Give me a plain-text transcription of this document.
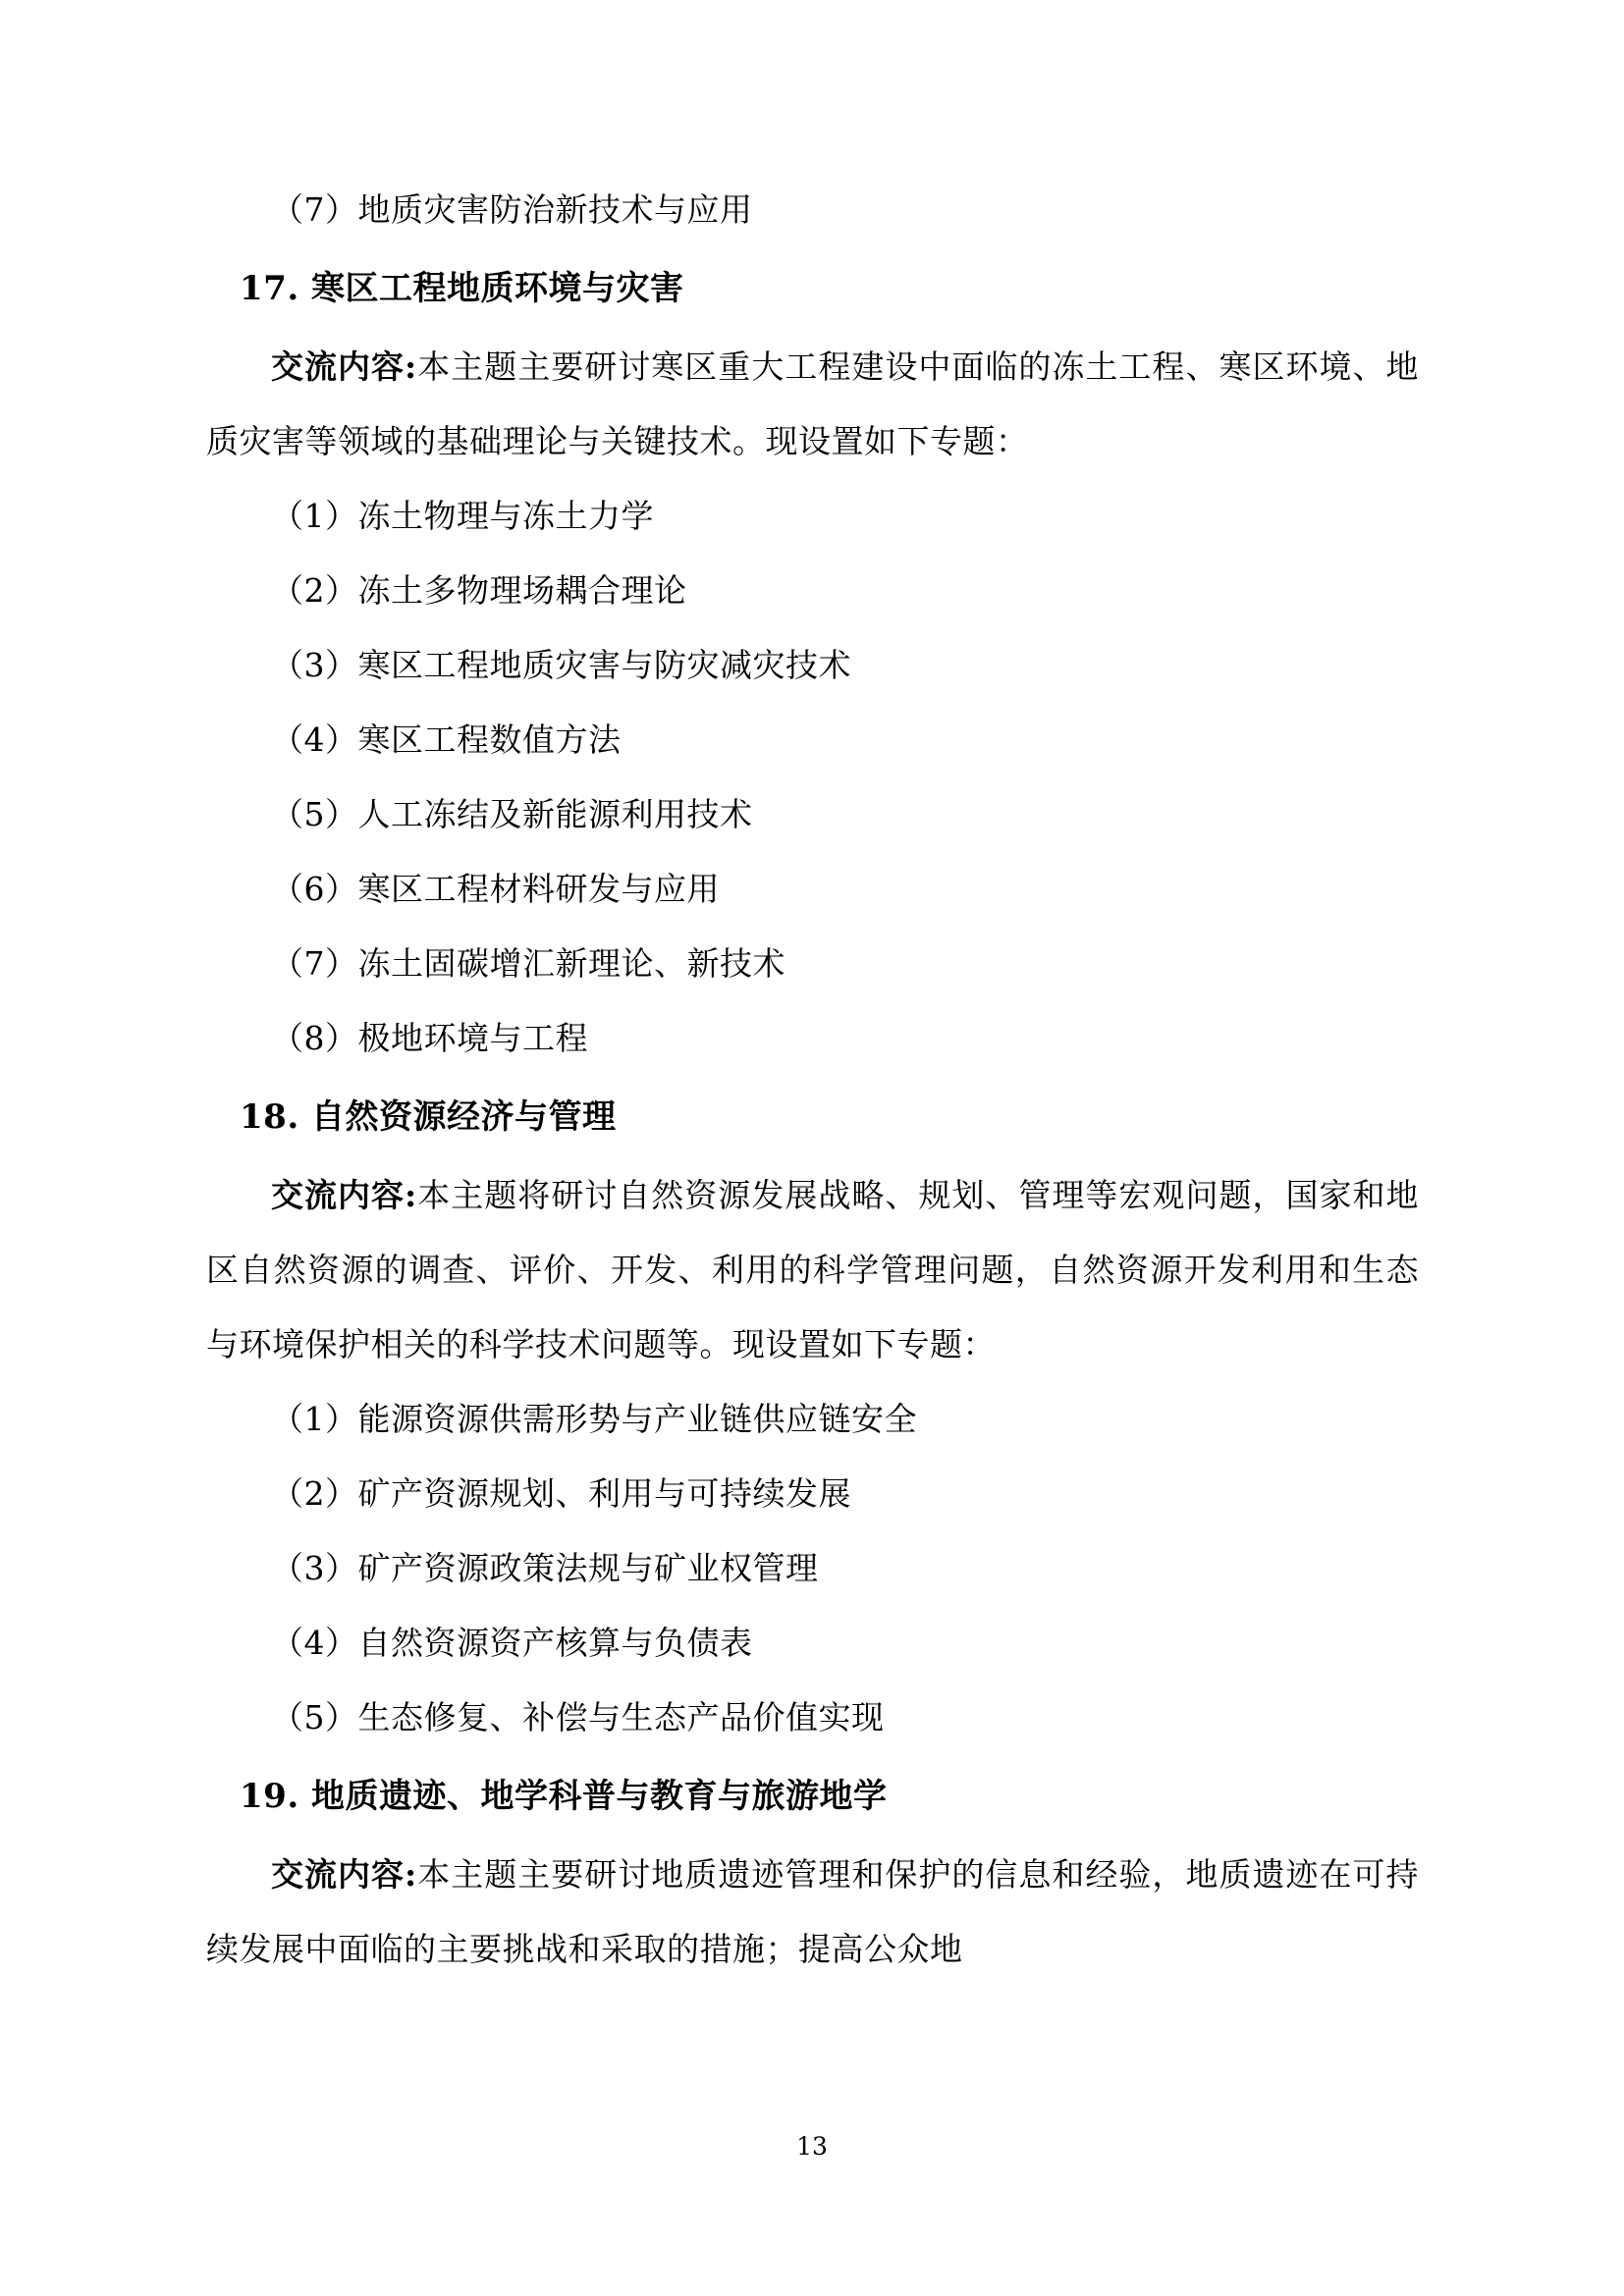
（7）地质灾害防治新技术与应用
17. 寒区工程地质环境与灾害
交流内容:本主题主要研讨寒区重大工程建设中面临的冻土工程、寒区环境、地质灾害等领域的基础理论与关键技术。现设置如下专题：
（1）冻土物理与冻土力学
（2）冻土多物理场耦合理论
（3）寒区工程地质灾害与防灾减灾技术
（4）寒区工程数值方法
（5）人工冻结及新能源利用技术
（6）寒区工程材料研发与应用
（7）冻土固碳增汇新理论、新技术
（8）极地环境与工程
18. 自然资源经济与管理
交流内容:本主题将研讨自然资源发展战略、规划、管理等宏观问题，国家和地区自然资源的调查、评价、开发、利用的科学管理问题，自然资源开发利用和生态与环境保护相关的科学技术问题等。现设置如下专题：
（1）能源资源供需形势与产业链供应链安全
（2）矿产资源规划、利用与可持续发展
（3）矿产资源政策法规与矿业权管理
（4）自然资源资产核算与负债表
（5）生态修复、补偿与生态产品价值实现
19. 地质遗迹、地学科普与教育与旅游地学
交流内容:本主题主要研讨地质遗迹管理和保护的信息和经验，地质遗迹在可持续发展中面临的主要挑战和采取的措施；提高公众地
13
